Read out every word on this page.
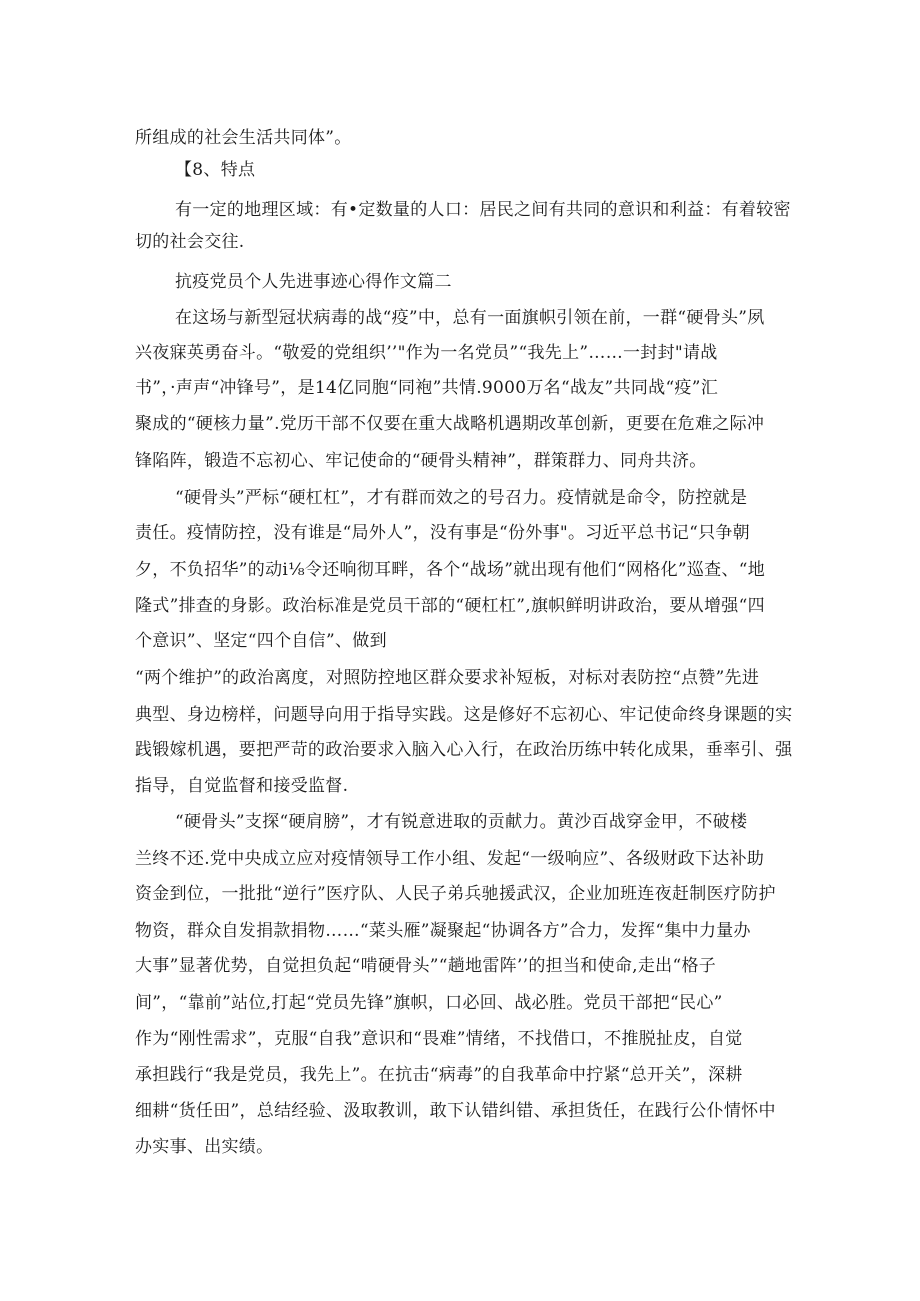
所组成的社会生活共同体”。
【8、特点
有一定的地理区域：有•定数量的人口：居民之间有共同的意识和利益：有着较密
切的社会交往.
抗疫党员个人先进事迹心得作文篇二
在这场与新型冠状病毒的战“疫”中，总有一面旗帜引领在前，一群“硬骨头”夙
兴夜寐英勇奋斗。“敬爱的党组织’’"作为一名党员”“我先上”……一封封"请战
书”，·声声“冲锋号”，是14亿同胞“同袍”共情.9000万名“战友”共同战“疫”汇
聚成的“硬核力量”.党历干部不仅要在重大战略机遇期改革创新，更要在危难之际冲
锋陷阵，锻造不忘初心、牢记使命的“硬骨头精神”，群策群力、同舟共济。
“硬骨头”严标“硬杠杠”，才有群而效之的号召力。疫情就是命令，防控就是
责任。疫情防控，没有谁是“局外人”，没有事是“份外事"。习近平总书记“只争朝
夕，不负招华”的动i⅛令还响彻耳畔，各个“战场”就出现有他们“网格化”巡查、“地
隆式”排查的身影。政治标准是党员干部的“硬杠杠”,旗帜鲜明讲政治，要从增强“四
个意识”、坚定“四个自信”、做到
“两个维护”的政治离度，对照防控地区群众要求补短板，对标对表防控“点赞”先进
典型、身边榜样，问题导向用于指导实践。这是修好不忘初心、牢记使命终身课题的实
践锻嫁机遇，要把严苛的政治要求入脑入心入行，在政治历练中转化成果，垂率引、强
指导，自觉监督和接受监督.
“硬骨头”支探“硬肩膀”，才有锐意进取的贡献力。黄沙百战穿金甲，不破楼
兰终不还.党中央成立应对疫情领导工作小组、发起“一级响应”、各级财政下达补助
资金到位，一批批“逆行”医疗队、人民子弟兵驰援武汉，企业加班连夜赶制医疗防护
物资，群众自发捐款捐物……“菜头雁”凝聚起“协调各方”合力，发挥“集中力量办
大事”显著优势，自觉担负起“啃硬骨头”“趟地雷阵’’的担当和使命,走出“格子
间”，“靠前”站位,打起“党员先锋”旗帜，口必回、战必胜。党员干部把“民心”
作为“刚性需求”，克服“自我”意识和“畏难”情绪，不找借口，不推脱扯皮，自觉
承担践行“我是党员，我先上”。在抗击“病毒”的自我革命中拧紧“总开关”，深耕
细耕“货任田”，总结经验、汲取教训，敢下认错纠错、承担货任，在践行公仆情怀中
办实事、出实绩。
